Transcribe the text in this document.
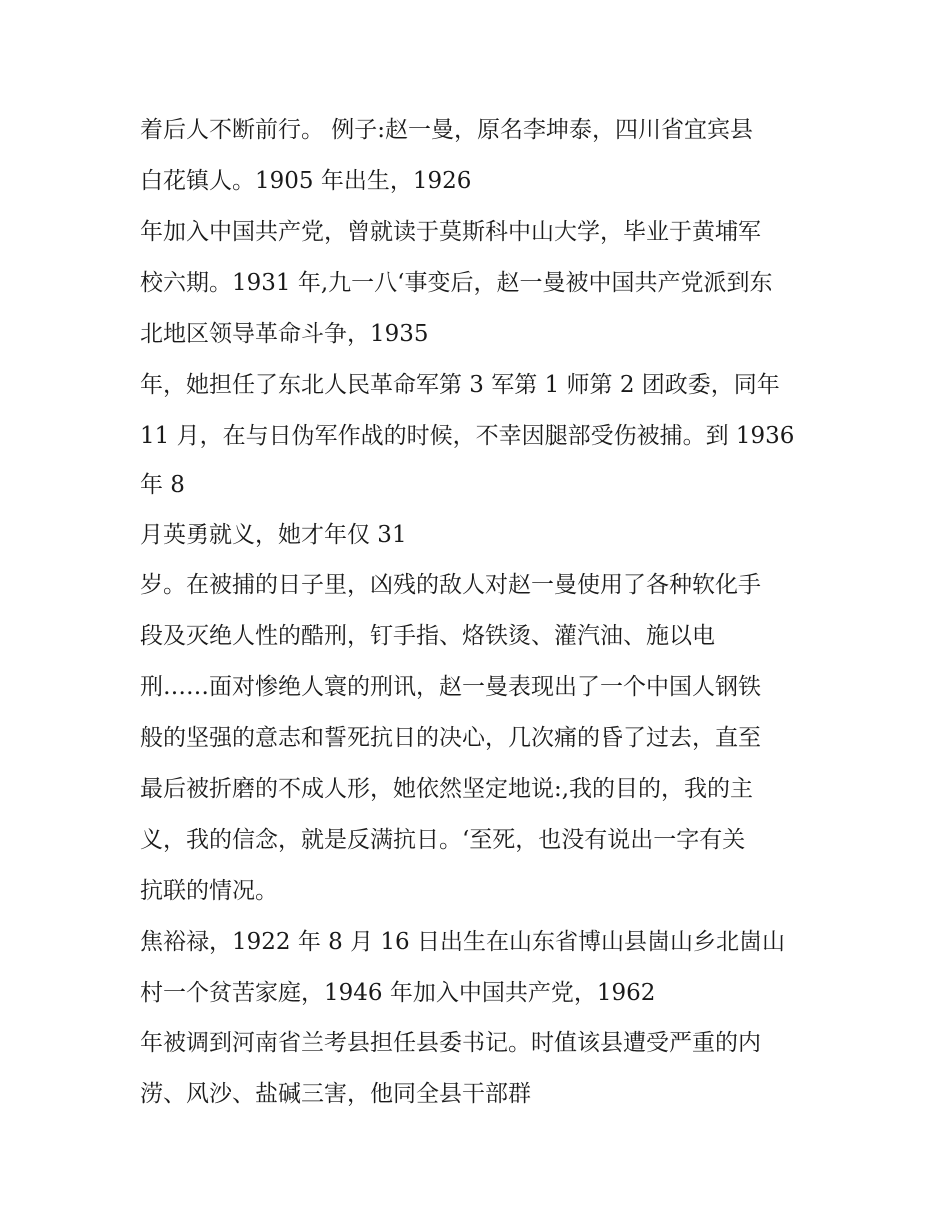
着后人不断前行。 例子:赵一曼，原名李坤泰，四川省宜宾县
白花镇人。1905 年出生，1926
年加入中国共产党，曾就读于莫斯科中山大学，毕业于黄埔军
校六期。1931 年,九一八‘事变后，赵一曼被中国共产党派到东
北地区领导革命斗争，1935
年，她担任了东北人民革命军第 3 军第 1 师第 2 团政委，同年
11 月，在与日伪军作战的时候，不幸因腿部受伤被捕。到 1936
年 8
月英勇就义，她才年仅 31
岁。在被捕的日子里，凶残的敌人对赵一曼使用了各种软化手
段及灭绝人性的酷刑，钉手指、烙铁烫、灌汽油、施以电
刑……面对惨绝人寰的刑讯，赵一曼表现出了一个中国人钢铁
般的坚强的意志和誓死抗日的决心，几次痛的昏了过去，直至
最后被折磨的不成人形，她依然坚定地说:,我的目的，我的主
义，我的信念，就是反满抗日。‘至死，也没有说出一字有关
抗联的情况。
焦裕禄，1922 年 8 月 16 日出生在山东省博山县崮山乡北崮山
村一个贫苦家庭，1946 年加入中国共产党，1962
年被调到河南省兰考县担任县委书记。时值该县遭受严重的内
涝、风沙、盐碱三害，他同全县干部群
